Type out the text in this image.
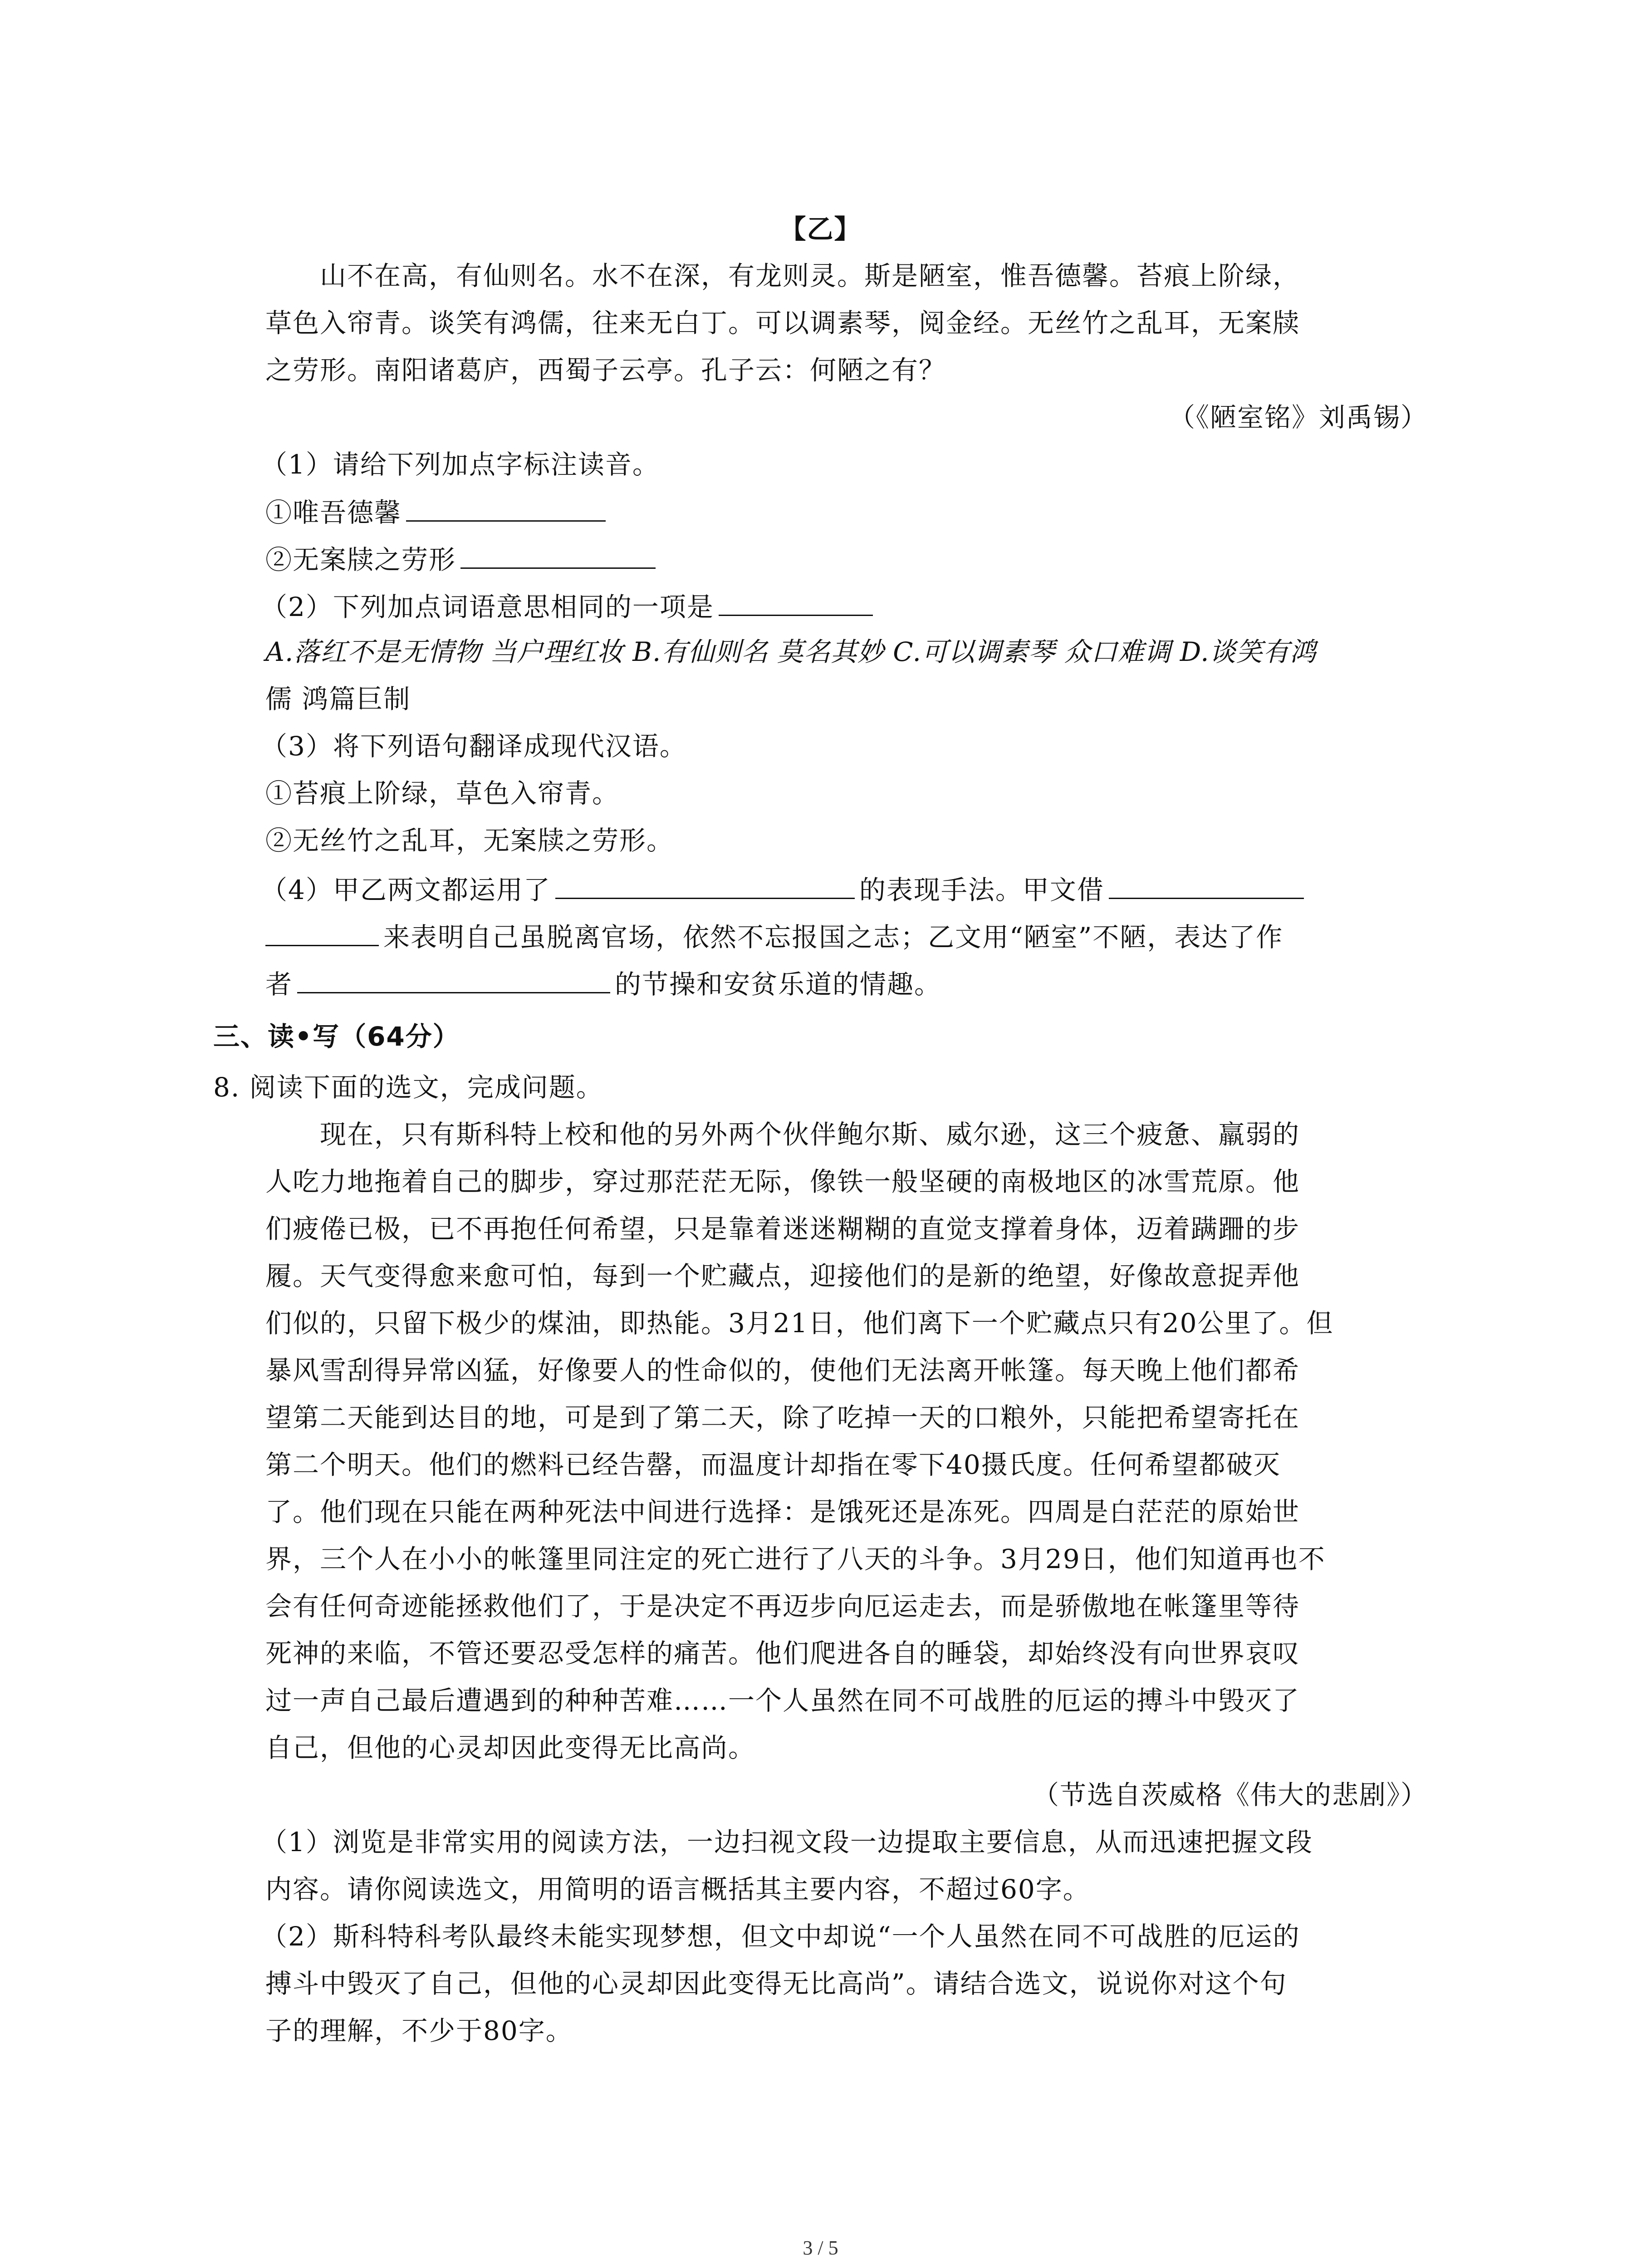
【乙】
山不在高，有仙则名。水不在深，有龙则灵。斯是陋室，惟吾德馨。苔痕上阶绿，
草色入帘青。谈笑有鸿儒，往来无白丁。可以调素琴，阅金经。无丝竹之乱耳，无案牍
之劳形。南阳诸葛庐，西蜀子云亭。孔子云：何陋之有？
（《陋室铭》刘禹锡）
（1）请给下列加点字标注读音。
①唯吾德馨
②无案牍之劳形
（2）下列加点词语意思相同的一项是
A.落红不是无情物 当户理红妆 B.有仙则名 莫名其妙 C.可以调素琴 众口难调 D.谈笑有鸿
儒 鸿篇巨制
（3）将下列语句翻译成现代汉语。
①苔痕上阶绿，草色入帘青。
②无丝竹之乱耳，无案牍之劳形。
（4）甲乙两文都运用了	的表现手法。甲文借
来表明自己虽脱离官场，依然不忘报国之志；乙文用“陋室”不陋，表达了作
者	的节操和安贫乐道的情趣。
三、读•写（64分）
8. 阅读下面的选文，完成问题。
现在，只有斯科特上校和他的另外两个伙伴鲍尔斯、威尔逊，这三个疲惫、羸弱的
人吃力地拖着自己的脚步，穿过那茫茫无际，像铁一般坚硬的南极地区的冰雪荒原。他
们疲倦已极，已不再抱任何希望，只是靠着迷迷糊糊的直觉支撑着身体，迈着蹒跚的步
履。天气变得愈来愈可怕，每到一个贮藏点，迎接他们的是新的绝望，好像故意捉弄他
们似的，只留下极少的煤油，即热能。3月21日，他们离下一个贮藏点只有20公里了。但
暴风雪刮得异常凶猛，好像要人的性命似的，使他们无法离开帐篷。每天晚上他们都希
望第二天能到达目的地，可是到了第二天，除了吃掉一天的口粮外，只能把希望寄托在
第二个明天。他们的燃料已经告罄，而温度计却指在零下40摄氏度。任何希望都破灭
了。他们现在只能在两种死法中间进行选择：是饿死还是冻死。四周是白茫茫的原始世
界，三个人在小小的帐篷里同注定的死亡进行了八天的斗争。3月29日，他们知道再也不
会有任何奇迹能拯救他们了，于是决定不再迈步向厄运走去，而是骄傲地在帐篷里等待
死神的来临，不管还要忍受怎样的痛苦。他们爬进各自的睡袋，却始终没有向世界哀叹
过一声自己最后遭遇到的种种苦难……一个人虽然在同不可战胜的厄运的搏斗中毁灭了
自己，但他的心灵却因此变得无比高尚。
（节选自茨威格《伟大的悲剧》）
（1）浏览是非常实用的阅读方法，一边扫视文段一边提取主要信息，从而迅速把握文段
内容。请你阅读选文，用简明的语言概括其主要内容，不超过60字。
（2）斯科特科考队最终未能实现梦想，但文中却说“一个人虽然在同不可战胜的厄运的
搏斗中毁灭了自己，但他的心灵却因此变得无比高尚”。请结合选文，说说你对这个句
子的理解，不少于80字。
3 / 5
